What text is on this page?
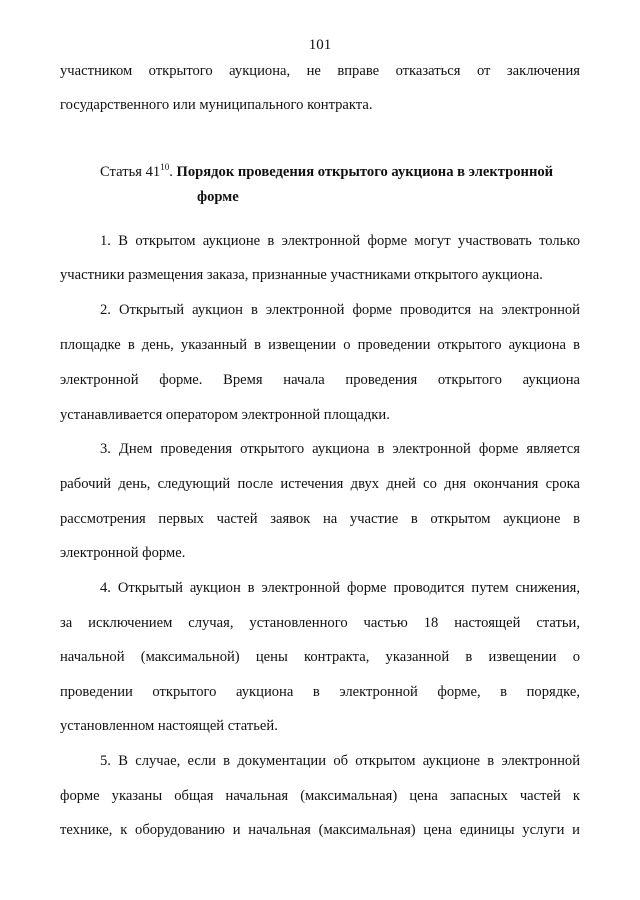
101
участником открытого аукциона, не вправе отказаться от заключения
государственного или муниципального контракта.
Статья $41^{10}$. Порядок проведения открытого аукциона в электронной
форме
1. В открытом аукционе в электронной форме могут участвовать только
участники размещения заказа, признанные участниками открытого аукциона.
2. Открытый аукцион в электронной форме проводится на электронной
площадке в день, указанный в извещении о проведении открытого аукциона в
электронной форме. Время начала проведения открытого аукциона
устанавливается оператором электронной площадки.
3. Днем проведения открытого аукциона в электронной форме является
рабочий день, следующий после истечения двух дней со дня окончания срока
рассмотрения первых частей заявок на участие в открытом аукционе в
электронной форме.
4. Открытый аукцион в электронной форме проводится путем снижения,
за исключением случая, установленного частью 18 настоящей статьи,
начальной (максимальной) цены контракта, указанной в извещении о
проведении открытого аукциона в электронной форме, в порядке,
установленном настоящей статьей.
5. В случае, если в документации об открытом аукционе в электронной
форме указаны общая начальная (максимальная) цена запасных частей к
технике, к оборудованию и начальная (максимальная) цена единицы услуги и
